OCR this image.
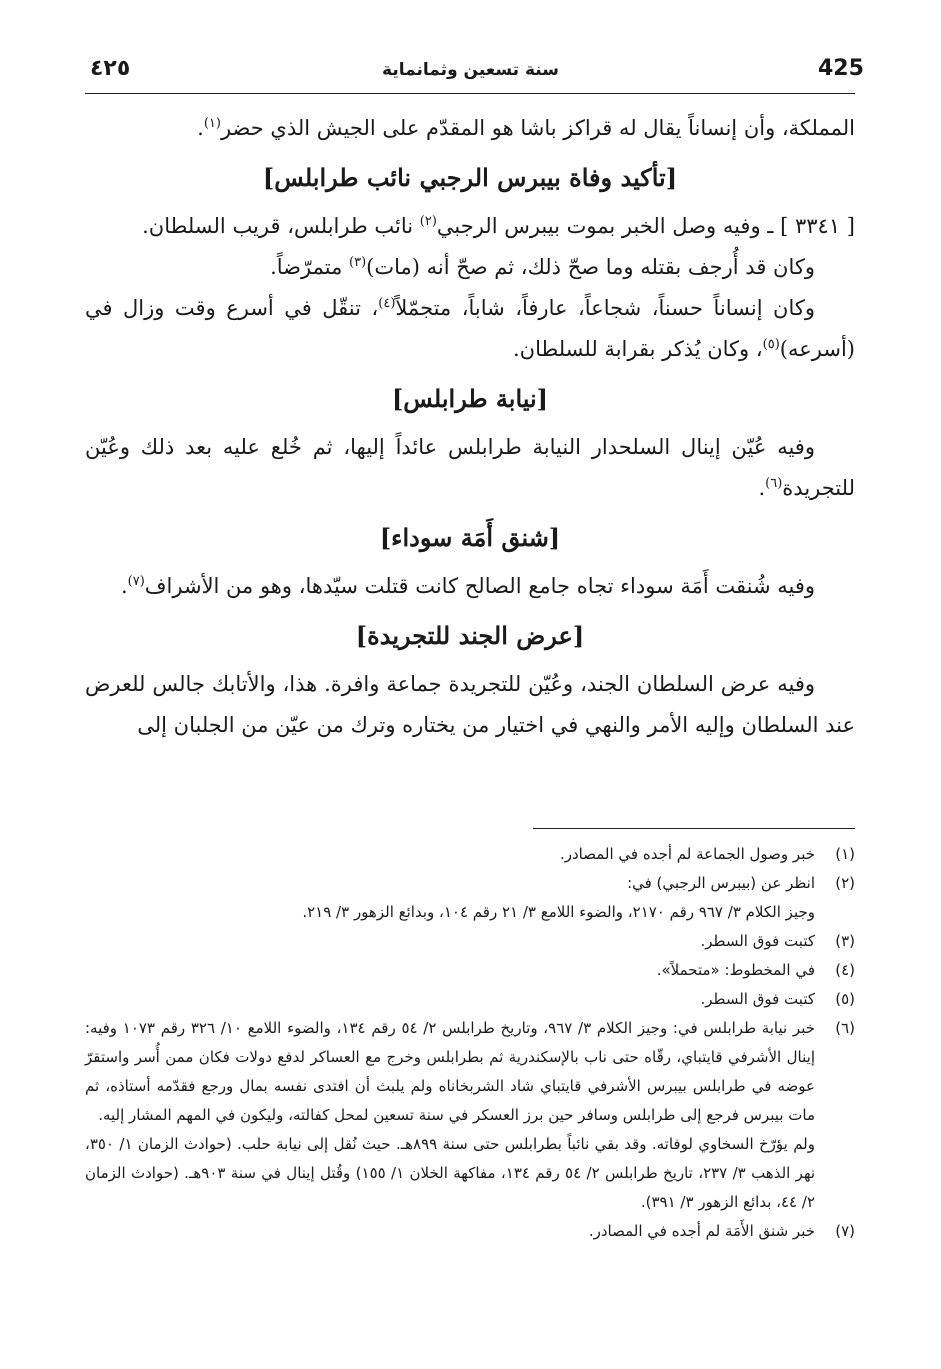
425
سنة تسعين وثمانماية
٤٢٥

المملكة، وأن إنساناً يقال له قراكز باشا هو المقدّم على الجيش الذي حضر$^{(١)}$.

[تأكيد وفاة بيبرس الرجبي نائب طرابلس]

[ ٣٣٤١ ] ـ وفيه وصل الخبر بموت بيبرس الرجبي$^{(٢)}$ نائب طرابلس، قريب السلطان.

وكان قد أُرجف بقتله وما صحّ ذلك، ثم صحّ أنه (مات)$^{(٣)}$ متمرّضاً.

وكان إنساناً حسناً، شجاعاً، عارفاً، شاباً، متجمّلاً$^{(٤)}$، تنقّل في أسرع وقت وزال في (أسرعه)$^{(٥)}$، وكان يُذكر بقرابة للسلطان.

[نيابة طرابلس]

وفيه عُيّن إينال السلحدار النيابة طرابلس عائداً إليها، ثم خُلع عليه بعد ذلك وعُيّن للتجريدة$^{(٦)}$.

[شنق أَمَة سوداء]

وفيه شُنقت أَمَة سوداء تجاه جامع الصالح كانت قتلت سيّدها، وهو من الأشراف$^{(٧)}$.

[عرض الجند للتجريدة]

وفيه عرض السلطان الجند، وعُيّن للتجريدة جماعة وافرة. هذا، والأتابك جالس للعرض عند السلطان وإليه الأمر والنهي في اختيار من يختاره وترك من عيّن من الجلبان إلى

(١)
خبر وصول الجماعة لم أجده في المصادر.
(٢)
انظر عن (بيبرس الرجبي) في:
وجيز الكلام ٣/ ٩٦٧ رقم ٢١٧٠، والضوء اللامع ٣/ ٢١ رقم ١٠٤، وبدائع الزهور ٣/ ٢١٩.
(٣)
كتبت فوق السطر.
(٤)
في المخطوط: «متحملاً».
(٥)
كتبت فوق السطر.
(٦)
خبر نيابة طرابلس في: وجيز الكلام ٣/ ٩٦٧، وتاريخ طرابلس ٢/ ٥٤ رقم ١٣٤، والضوء اللامع ١٠/ ٣٢٦ رقم ١٠٧٣ وفيه: إينال الأشرفي قايتباي، رقّاه حتى ناب بالإسكندرية ثم بطرابلس وخرج مع العساكر لدفع دولات فكان ممن أُسر واستقرّ عوضه في طرابلس بيبرس الأشرفي قايتباي شاد الشربخاناه ولم يلبث أن افتدى نفسه بمال ورجع فقدّمه أستاذه، ثم مات بيبرس فرجع إلى طرابلس وسافر حين برز العسكر في سنة تسعين لمحل كفالته، وليكون في المهم المشار إليه.
ولم يؤرّخ السخاوي لوفاته. وقد بقي نائباً بطرابلس حتى سنة ٨٩٩هـ. حيث نُقل إلى نيابة حلب. (حوادث الزمان ١/ ٣٥٠، نهر الذهب ٣/ ٢٣٧، تاريخ طرابلس ٢/ ٥٤ رقم ١٣٤، مفاكهة الخلان ١/ ١٥٥) وقُتل إينال في سنة ٩٠٣هـ. (حوادث الزمان ٢/ ٤٤، بدائع الزهور ٣/ ٣٩١).
(٧)
خبر شنق الأَمَة لم أجده في المصادر.
